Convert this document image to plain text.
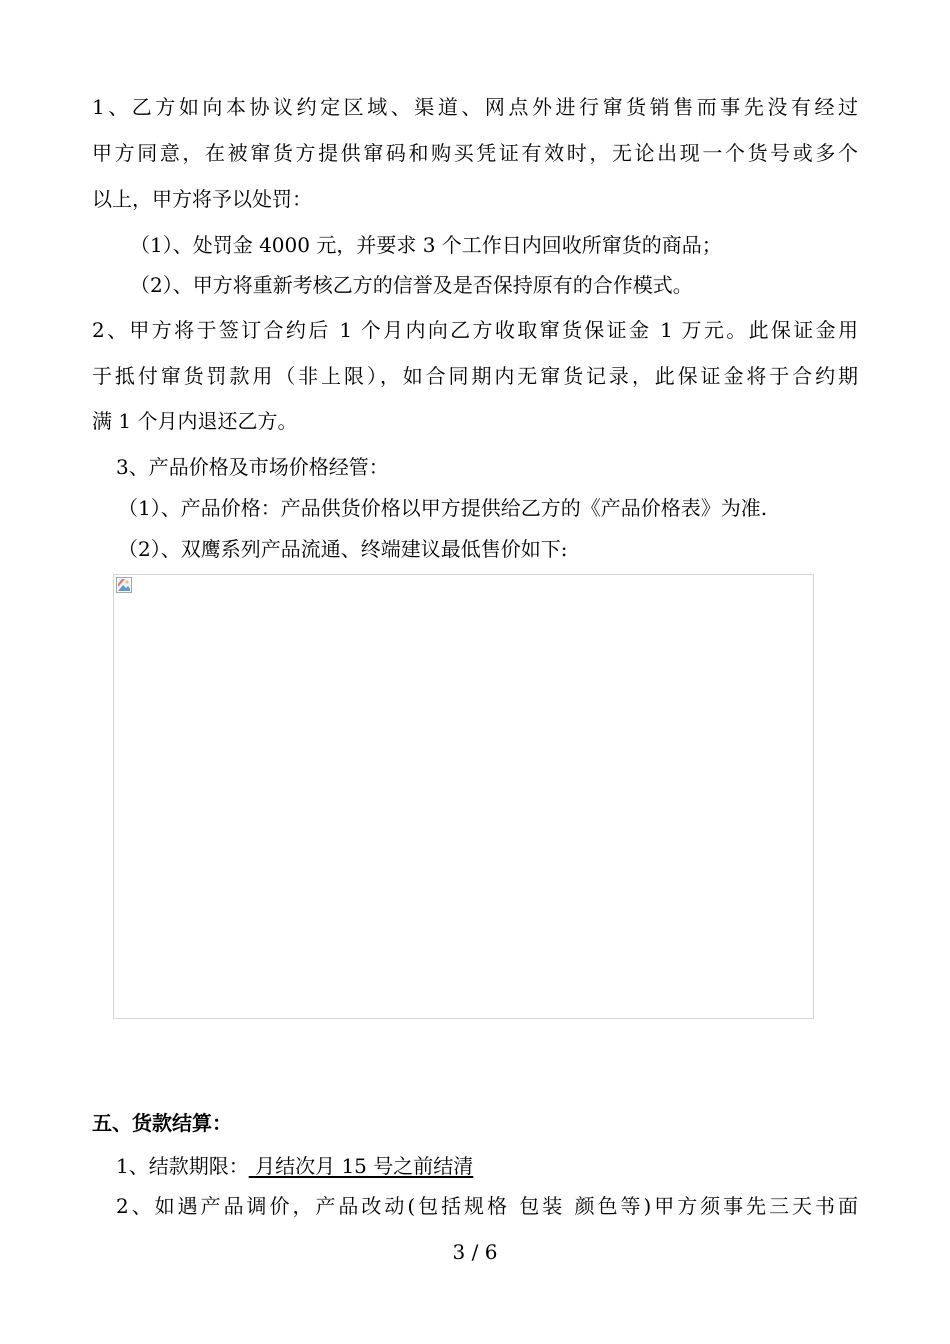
1、乙方如向本协议约定区域、渠道、网点外进行窜货销售而事先没有经过
甲方同意，在被窜货方提供窜码和购买凭证有效时，无论出现一个货号或多个
以上，甲方将予以处罚：
（1）、处罚金 4000 元，并要求 3 个工作日内回收所窜货的商品；
（2）、甲方将重新考核乙方的信誉及是否保持原有的合作模式。
2、甲方将于签订合约后 1 个月内向乙方收取窜货保证金 1 万元。此保证金用
于抵付窜货罚款用（非上限），如合同期内无窜货记录，此保证金将于合约期
满 1 个月内退还乙方。
3、产品价格及市场价格经管：
（1）、产品价格：产品供货价格以甲方提供给乙方的《产品价格表》为准.
（2）、双鹰系列产品流通、终端建议最低售价如下:
五、货款结算：
1、结款期限： 月结次月 15 号之前结清
2、如遇产品调价，产品改动(包括规格 包装 颜色等)甲方须事先三天书面
3 / 6
